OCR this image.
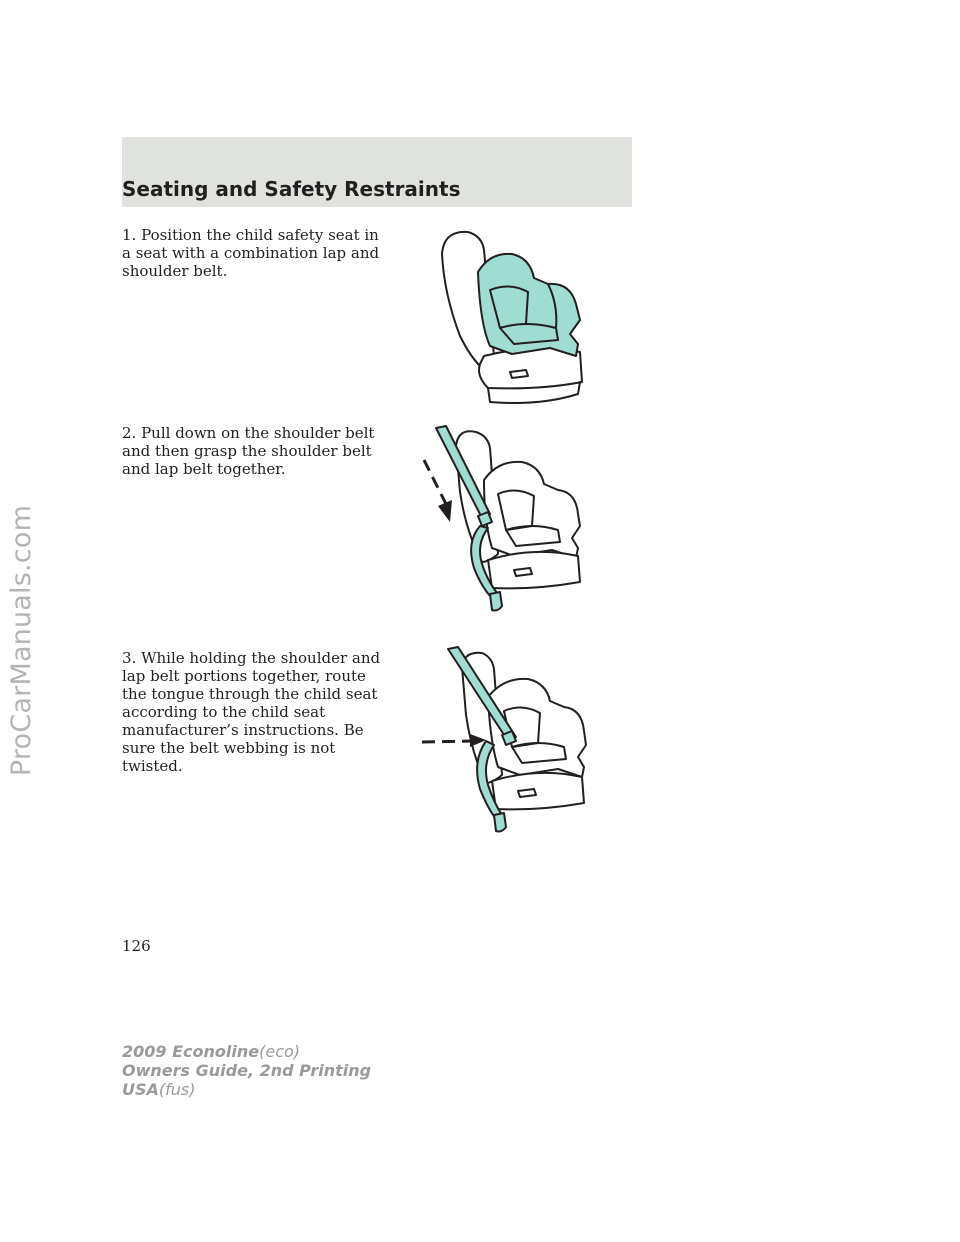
ProCarManuals.com
Seating and Safety Restraints

1. Position the child safety seat in a seat with a combination lap and shoulder belt.

2. Pull down on the shoulder belt and then grasp the shoulder belt and lap belt together.

3. While holding the shoulder and lap belt portions together, route the tongue through the child seat according to the child seat manufacturer’s instructions. Be sure the belt webbing is not twisted.

126
2009 Econoline(eco)
Owners Guide, 2nd Printing
USA(fus)
